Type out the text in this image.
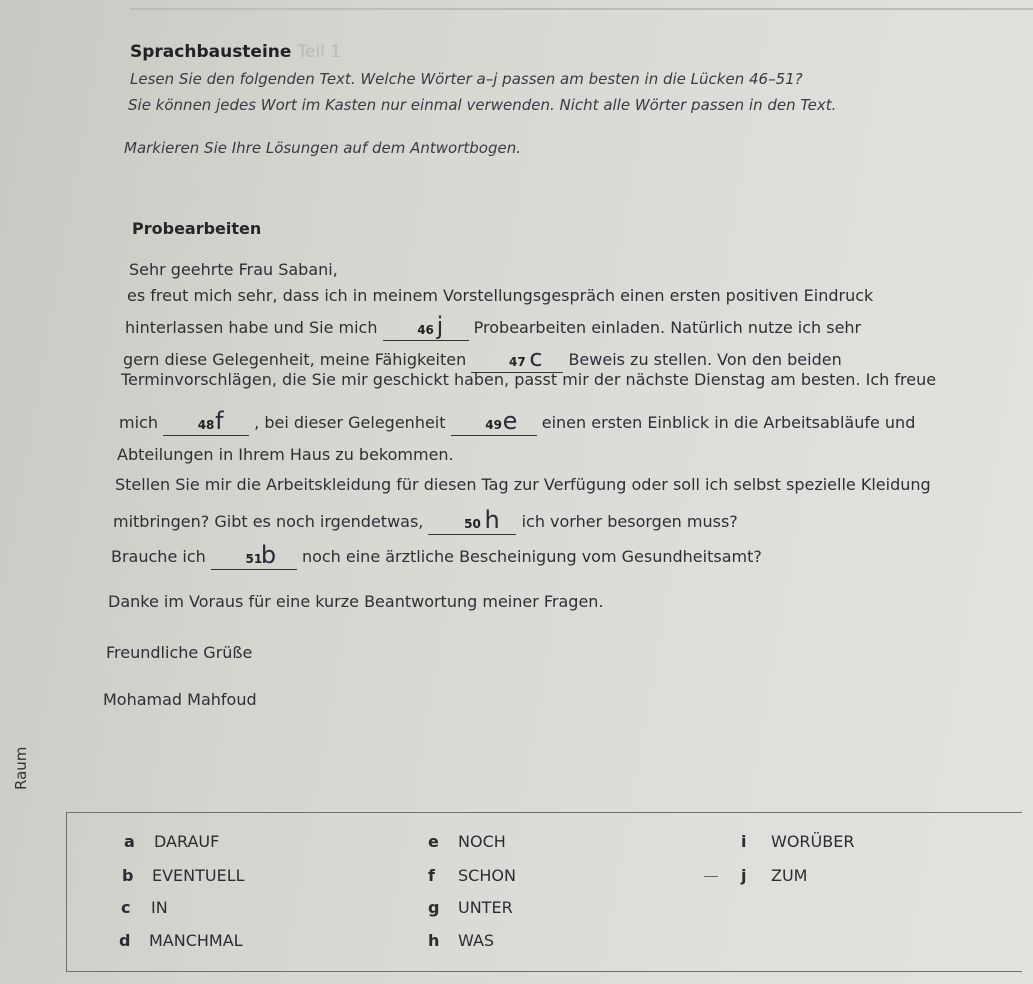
Sprachbausteine Teil 1
Lesen Sie den folgenden Text. Welche Wörter a–j passen am besten in die Lücken 46–51?
Sie können jedes Wort im Kasten nur einmal verwenden. Nicht alle Wörter passen in den Text.
Markieren Sie Ihre Lösungen auf dem Antwortbogen.
Probearbeiten
Sehr geehrte Frau Sabani,
es freut mich sehr, dass ich in meinem Vorstellungsgespräch einen ersten positiven Eindruck
hinterlassen habe und Sie mich	46 j Probearbeiten einladen. Natürlich nutze ich sehr
gern diese Gelegenheit, meine Fähigkeiten	47 c Beweis zu stellen. Von den beiden
Terminvorschlägen, die Sie mir geschickt haben, passt mir der nächste Dienstag am besten. Ich freue
mich	48 f , bei dieser Gelegenheit	49 e einen ersten Einblick in die Arbeitsabläufe und
Abteilungen in Ihrem Haus zu bekommen.
Stellen Sie mir die Arbeitskleidung für diesen Tag zur Verfügung oder soll ich selbst spezielle Kleidung
mitbringen? Gibt es noch irgendetwas,	50 h ich vorher besorgen muss?
Brauche ich	51
b noch eine ärztliche Bescheinigung vom Gesundheitsamt?
Danke im Voraus für eine kurze Beantwortung meiner Fragen.
Freundliche Grüße
Mohamad Mahfoud
Raum
a DARAUF
b EVENTUELL
c IN
d MANCHMAL
e NOCH
f SCHON
g UNTER
h WAS
i WORÜBER
j ZUM
